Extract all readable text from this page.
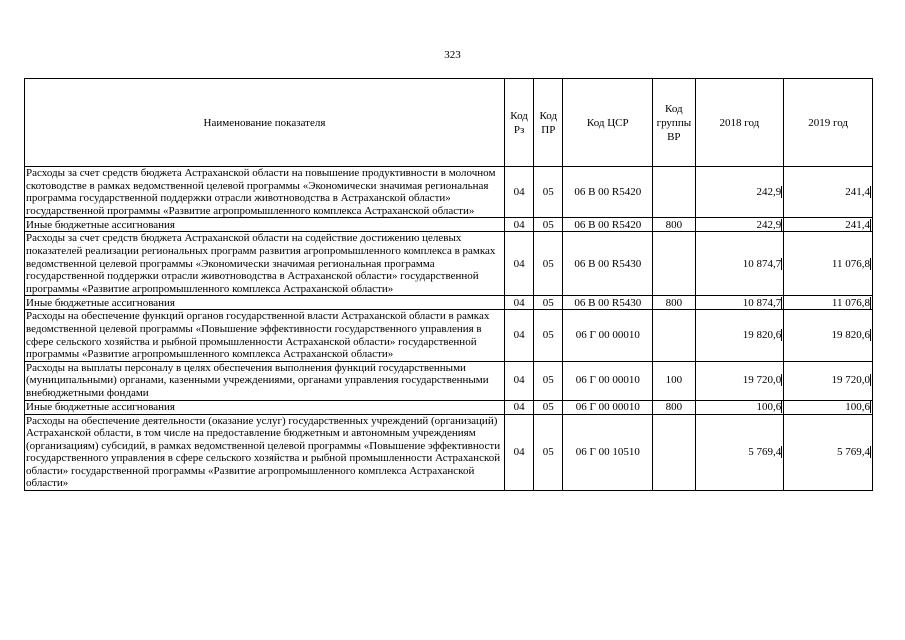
323
Наименование показателя	Код Рз	Код ПР	Код ЦСР	Код группы ВР	2018 год	2019 год
Расходы за счет средств бюджета Астраханской области на повышение продуктивности в молочном скотоводстве в рамках ведомственной целевой программы «Экономически значимая региональная программа государственной поддержки отрасли животноводства в Астраханской области» государственной программы «Развитие агропромышленного комплекса Астраханской области»	04	05	06 В 00 R5420		242,9	241,4
Иные бюджетные ассигнования	04	05	06 В 00 R5420	800	242,9	241,4
Расходы за счет средств бюджета Астраханской области на содействие достижению целевых показателей реализации региональных программ развития агропромышленного комплекса в рамках ведомственной целевой программы «Экономически значимая региональная программа государственной поддержки отрасли животноводства в Астраханской области» государственной программы «Развитие агропромышленного комплекса Астраханской области»	04	05	06 В 00 R5430		10 874,7	11 076,8
Иные бюджетные ассигнования	04	05	06 В 00 R5430	800	10 874,7	11 076,8
Расходы на обеспечение функций органов государственной власти Астраханской области в рамках ведомственной целевой программы «Повышение эффективности государственного управления в сфере сельского хозяйства и рыбной промышленности Астраханской области» государственной программы «Развитие агропромышленного комплекса Астраханской области»	04	05	06 Г 00 00010		19 820,6	19 820,6
Расходы на выплаты персоналу в целях обеспечения выполнения функций государственными (муниципальными) органами, казенными учреждениями, органами управления государственными внебюджетными фондами	04	05	06 Г 00 00010	100	19 720,0	19 720,0
Иные бюджетные ассигнования	04	05	06 Г 00 00010	800	100,6	100,6
Расходы на обеспечение деятельности (оказание услуг) государственных учреждений (организаций) Астраханской области, в том числе на предоставление бюджетным и автономным учреждениям (организациям) субсидий, в рамках ведомственной целевой программы «Повышение эффективности государственного управления в сфере сельского хозяйства и рыбной промышленности Астраханской области» государственной программы «Развитие агропромышленного комплекса Астраханской области»	04	05	06 Г 00 10510		5 769,4	5 769,4
